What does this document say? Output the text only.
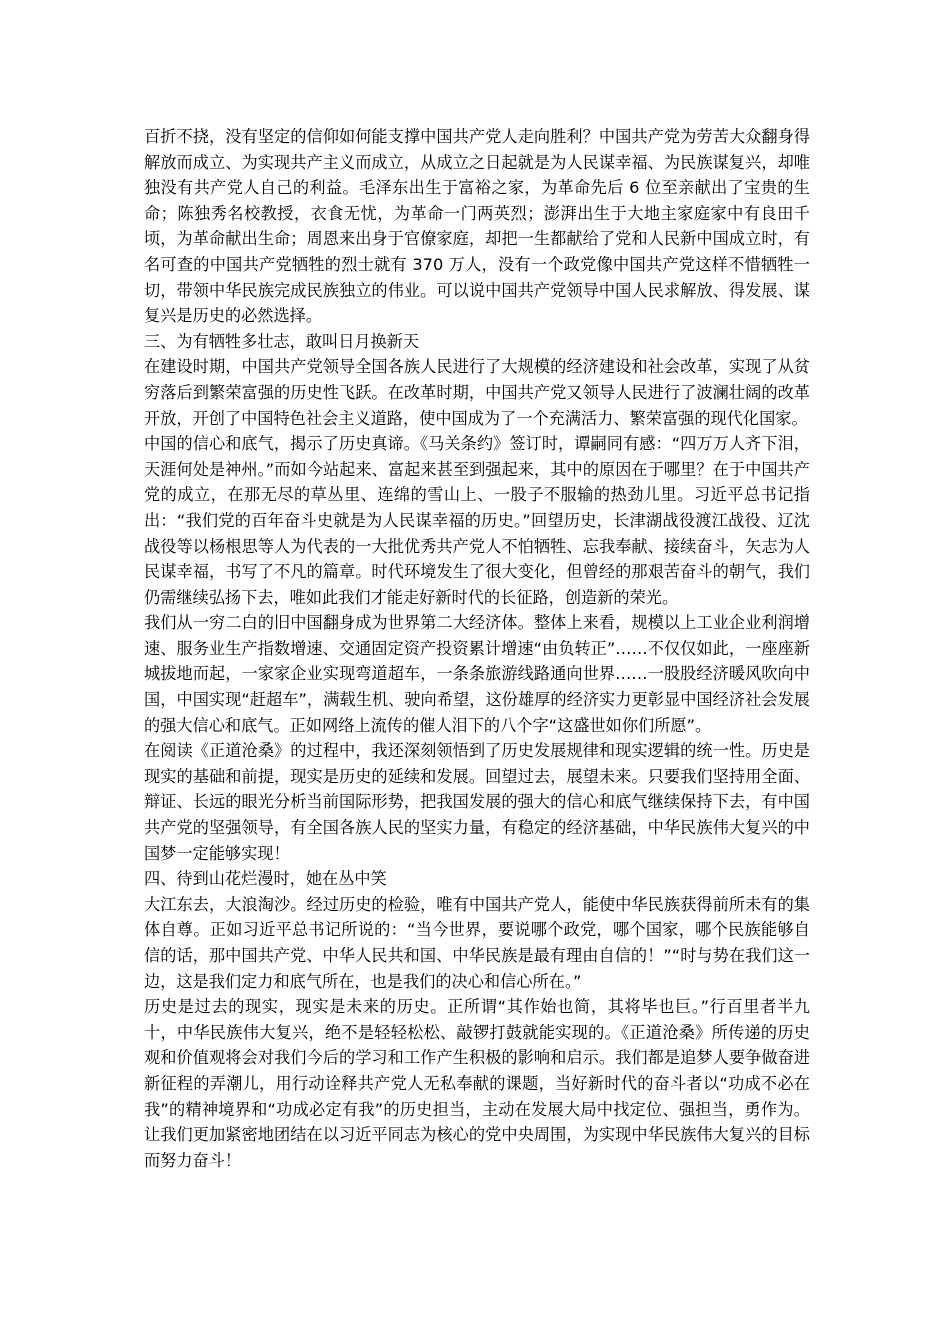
百折不挠，没有坚定的信仰如何能支撑中国共产党人走向胜利？中国共产党为劳苦大众翻身得解放而成立、为实现共产主义而成立，从成立之日起就是为人民谋幸福、为民族谋复兴，却唯独没有共产党人自己的利益。毛泽东出生于富裕之家，为革命先后 6 位至亲献出了宝贵的生命；陈独秀名校教授，衣食无忧，为革命一门两英烈；澎湃出生于大地主家庭家中有良田千顷，为革命献出生命；周恩来出身于官僚家庭，却把一生都献给了党和人民新中国成立时，有名可查的中国共产党牺牲的烈士就有 370 万人，没有一个政党像中国共产党这样不惜牺牲一切，带领中华民族完成民族独立的伟业。可以说中国共产党领导中国人民求解放、得发展、谋复兴是历史的必然选择。

三、为有牺牲多壮志，敢叫日月换新天

在建设时期，中国共产党领导全国各族人民进行了大规模的经济建设和社会改革，实现了从贫穷落后到繁荣富强的历史性飞跃。在改革时期，中国共产党又领导人民进行了波澜壮阔的改革开放，开创了中国特色社会主义道路，使中国成为了一个充满活力、繁荣富强的现代化国家。

中国的信心和底气，揭示了历史真谛。《马关条约》签订时，谭嗣同有感：“四万万人齐下泪，天涯何处是神州。”而如今站起来、富起来甚至到强起来，其中的原因在于哪里？在于中国共产党的成立，在那无尽的草丛里、连绵的雪山上、一股子不服输的热劲儿里。习近平总书记指出：“我们党的百年奋斗史就是为人民谋幸福的历史。”回望历史，长津湖战役渡江战役、辽沈战役等以杨根思等人为代表的一大批优秀共产党人不怕牺牲、忘我奉献、接续奋斗，矢志为人民谋幸福，书写了不凡的篇章。时代环境发生了很大变化，但曾经的那艰苦奋斗的朝气，我们仍需继续弘扬下去，唯如此我们才能走好新时代的长征路，创造新的荣光。

我们从一穷二白的旧中国翻身成为世界第二大经济体。整体上来看，规模以上工业企业利润增速、服务业生产指数增速、交通固定资产投资累计增速“由负转正”……不仅仅如此，一座座新城拔地而起，一家家企业实现弯道超车，一条条旅游线路通向世界……一股股经济暖风吹向中国，中国实现“赶超车”，满载生机、驶向希望，这份雄厚的经济实力更彰显中国经济社会发展的强大信心和底气。正如网络上流传的催人泪下的八个字“这盛世如你们所愿”。

在阅读《正道沧桑》的过程中，我还深刻领悟到了历史发展规律和现实逻辑的统一性。历史是现实的基础和前提，现实是历史的延续和发展。回望过去，展望未来。只要我们坚持用全面、辩证、长远的眼光分析当前国际形势，把我国发展的强大的信心和底气继续保持下去，有中国共产党的坚强领导，有全国各族人民的坚实力量，有稳定的经济基础，中华民族伟大复兴的中国梦一定能够实现！

四、待到山花烂漫时，她在丛中笑

大江东去，大浪淘沙。经过历史的检验，唯有中国共产党人，能使中华民族获得前所未有的集体自尊。正如习近平总书记所说的：“当今世界，要说哪个政党，哪个国家，哪个民族能够自信的话，那中国共产党、中华人民共和国、中华民族是最有理由自信的！”“时与势在我们这一边，这是我们定力和底气所在，也是我们的决心和信心所在。”

历史是过去的现实，现实是未来的历史。正所谓“其作始也简，其将毕也巨。”行百里者半九十，中华民族伟大复兴，绝不是轻轻松松、敲锣打鼓就能实现的。《正道沧桑》所传递的历史观和价值观将会对我们今后的学习和工作产生积极的影响和启示。我们都是追梦人要争做奋进新征程的弄潮儿，用行动诠释共产党人无私奉献的课题，当好新时代的奋斗者以“功成不必在我”的精神境界和“功成必定有我”的历史担当，主动在发展大局中找定位、强担当，勇作为。让我们更加紧密地团结在以习近平同志为核心的党中央周围，为实现中华民族伟大复兴的目标而努力奋斗！
